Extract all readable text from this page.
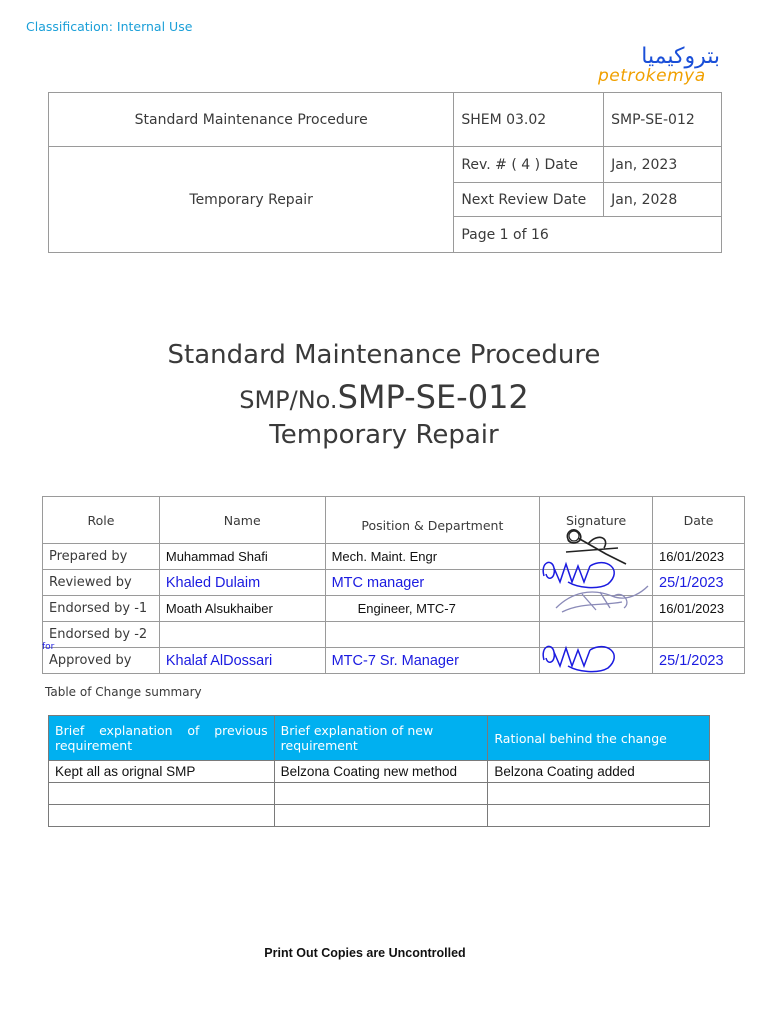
Classification: Internal Use
بتروكيميا
petrokemya
Standard Maintenance Procedure	SHEM 03.02	SMP-SE-012
Temporary Repair	Rev. # ( 4 ) Date	Jan, 2023
	Next Review Date	Jan, 2028
	Page 1 of 16	
Standard Maintenance Procedure
SMP/No.SMP-SE-012
Temporary Repair
Role	Name	Position & Department	Signature	Date
Prepared by	Muhammad Shafi	Mech. Maint. Engr		16/01/2023
Reviewed by	Khaled Dulaim	MTC manager		25/1/2023
Endorsed by -1	Moath Alsukhaiber	Engineer, MTC-7		16/01/2023
Endorsed by -2				
Approved by	Khalaf AlDossari	MTC-7 Sr. Manager		25/1/2023
for
Table of Change summary
Brief explanation of previous requirement	Brief explanation of new requirement	Rational behind the change
Kept all as orignal SMP	Belzona Coating new method	Belzona Coating added

Print Out Copies are Uncontrolled
